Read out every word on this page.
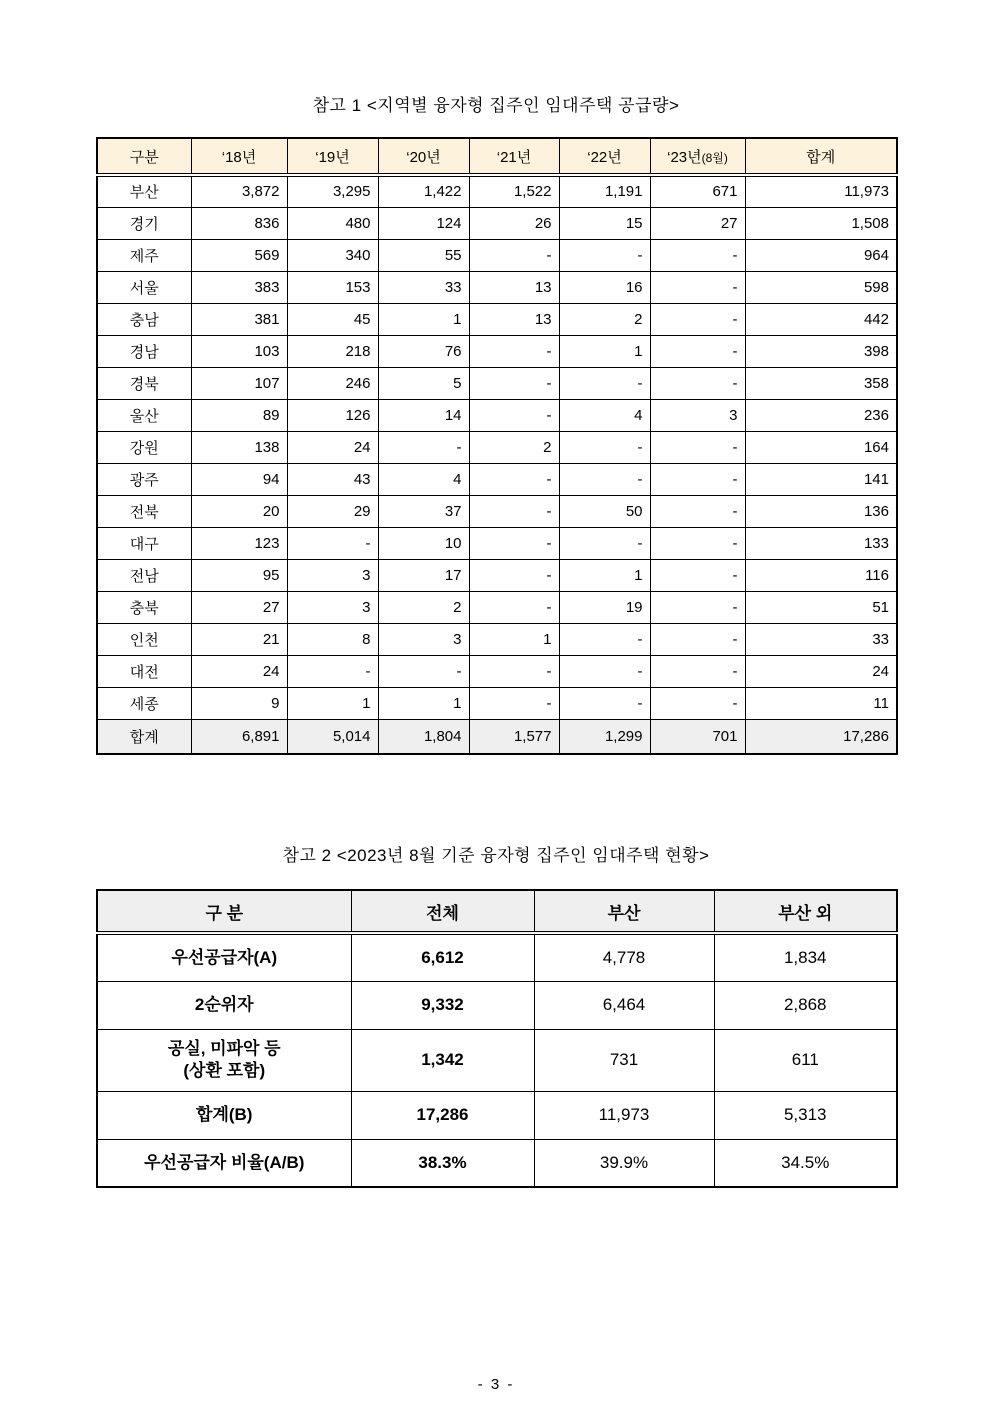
참고 1 <지역별 융자형 집주인 임대주택 공급량>
구분	‘18년	‘19년	‘20년	‘21년	‘22년	‘23년(8월)	합계
부산	3,872	3,295	1,422	1,522	1,191	671	11,973
경기	836	480	124	26	15	27	1,508
제주	569	340	55	-	-	-	964
서울	383	153	33	13	16	-	598
충남	381	45	1	13	2	-	442
경남	103	218	76	-	1	-	398
경북	107	246	5	-	-	-	358
울산	89	126	14	-	4	3	236
강원	138	24	-	2	-	-	164
광주	94	43	4	-	-	-	141
전북	20	29	37	-	50	-	136
대구	123	-	10	-	-	-	133
전남	95	3	17	-	1	-	116
충북	27	3	2	-	19	-	51
인천	21	8	3	1	-	-	33
대전	24	-	-	-	-	-	24
세종	9	1	1	-	-	-	11
합계	6,891	5,014	1,804	1,577	1,299	701	17,286
참고 2 <2023년 8월 기준 융자형 집주인 임대주택 현황>
구 분	전체	부산	부산 외
우선공급자(A)	6,612	4,778	1,834
2순위자	9,332	6,464	2,868
공실, 미파악 등
(상환 포함)	1,342	731	611
합계(B)	17,286	11,973	5,313
우선공급자 비율(A/B)	38.3%	39.9%	34.5%
- 3 -
